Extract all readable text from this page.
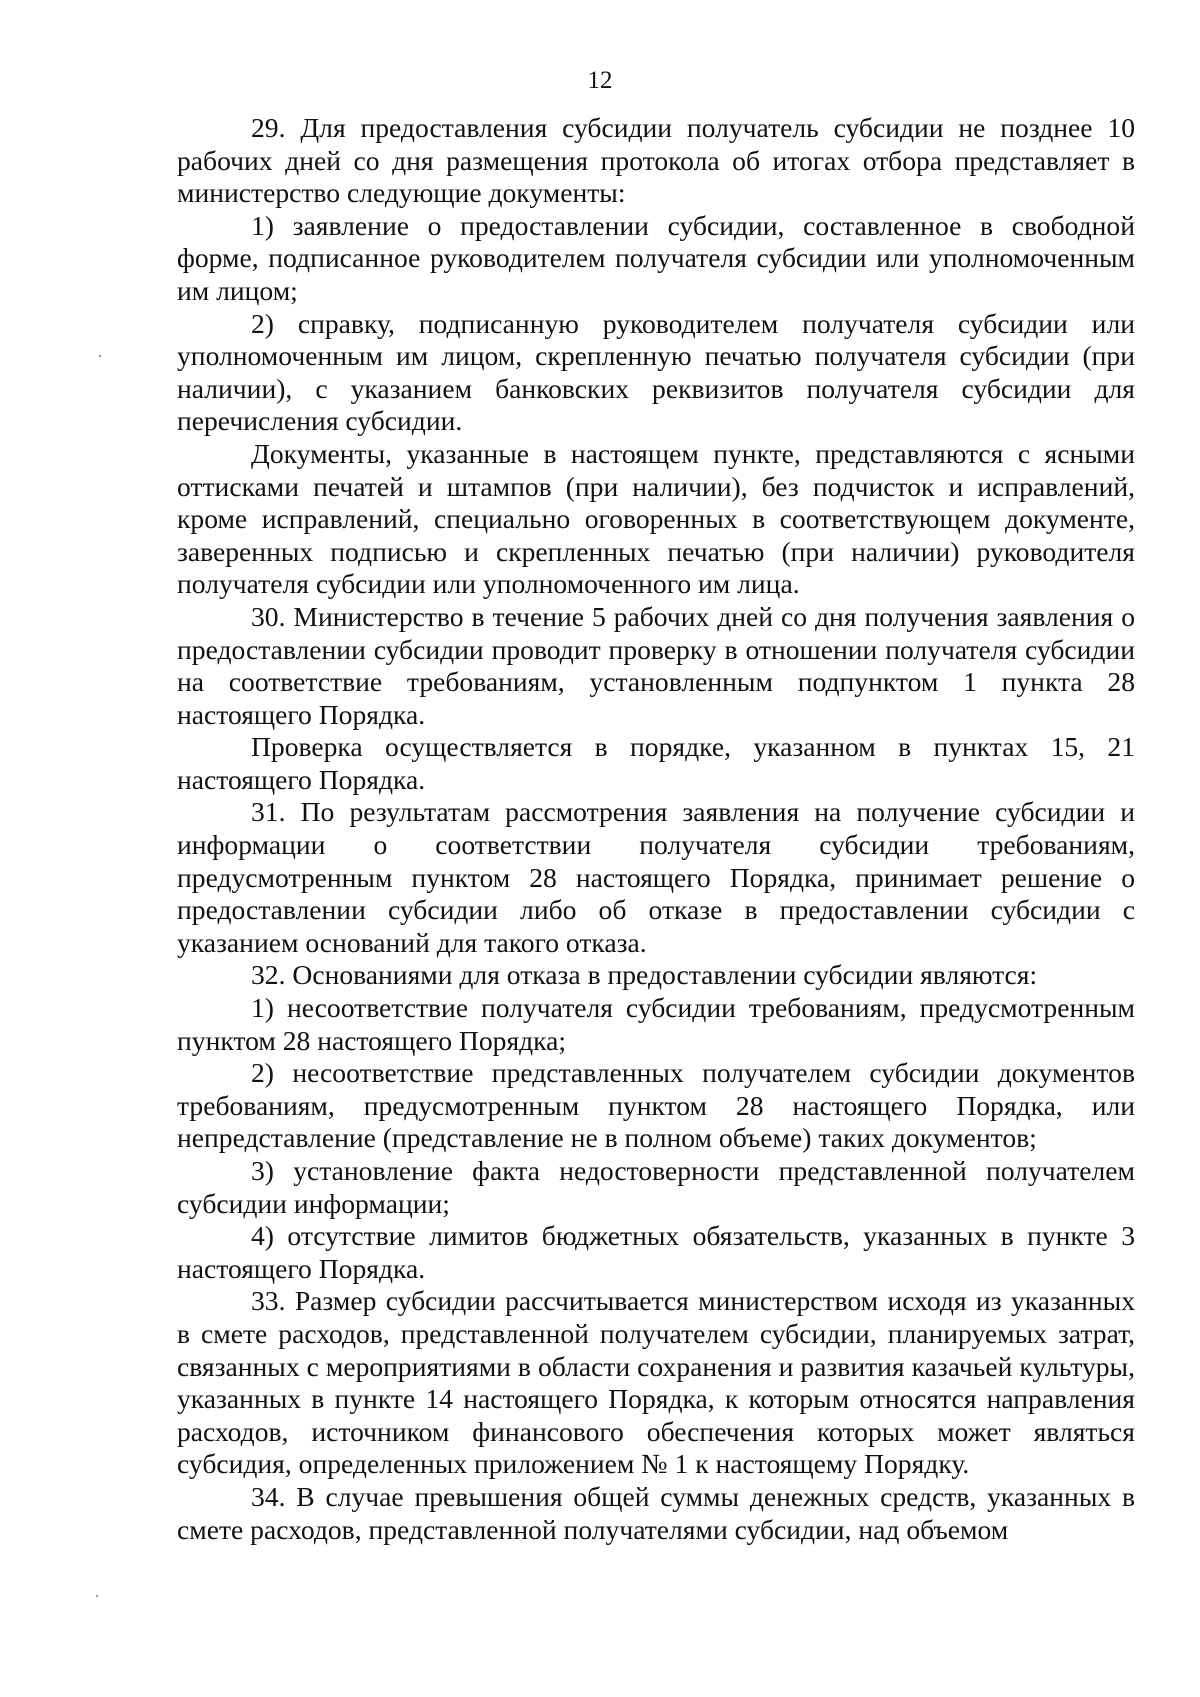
12

29. Для предоставления субсидии получатель субсидии не позднее 10 рабочих дней со дня размещения протокола об итогах отбора представляет в министерство следующие документы:

1) заявление о предоставлении субсидии, составленное в свободной форме, подписанное руководителем получателя субсидии или уполномоченным им лицом;

2) справку, подписанную руководителем получателя субсидии или уполномоченным им лицом, скрепленную печатью получателя субсидии (при наличии), с указанием банковских реквизитов получателя субсидии для перечисления субсидии.

Документы, указанные в настоящем пункте, представляются с ясными оттисками печатей и штампов (при наличии), без подчисток и исправлений, кроме исправлений, специально оговоренных в соответствующем документе, заверенных подписью и скрепленных печатью (при наличии) руководителя получателя субсидии или уполномоченного им лица.

30. Министерство в течение 5 рабочих дней со дня получения заявления о предоставлении субсидии проводит проверку в отношении получателя субсидии на соответствие требованиям, установленным подпунктом 1 пункта 28 настоящего Порядка.

Проверка осуществляется в порядке, указанном в пунктах 15, 21 настоящего Порядка.

31. По результатам рассмотрения заявления на получение субсидии и информации о соответствии получателя субсидии требованиям, предусмотренным пунктом 28 настоящего Порядка, принимает решение о предоставлении субсидии либо об отказе в предоставлении субсидии с указанием оснований для такого отказа.

32. Основаниями для отказа в предоставлении субсидии являются:

1) несоответствие получателя субсидии требованиям, предусмотренным пунктом 28 настоящего Порядка;

2) несоответствие представленных получателем субсидии документов требованиям, предусмотренным пунктом 28 настоящего Порядка, или непредставление (представление не в полном объеме) таких документов;

3) установление факта недостоверности представленной получателем субсидии информации;

4) отсутствие лимитов бюджетных обязательств, указанных в пункте 3 настоящего Порядка.

33. Размер субсидии рассчитывается министерством исходя из указанных в смете расходов, представленной получателем субсидии, планируемых затрат, связанных с мероприятиями в области сохранения и развития казачьей культуры, указанных в пункте 14 настоящего Порядка, к которым относятся направления расходов, источником финансового обеспечения которых может являться субсидия, определенных приложением № 1 к настоящему Порядку.

34. В случае превышения общей суммы денежных средств, указанных в смете расходов, представленной получателями субсидии, над объемом
